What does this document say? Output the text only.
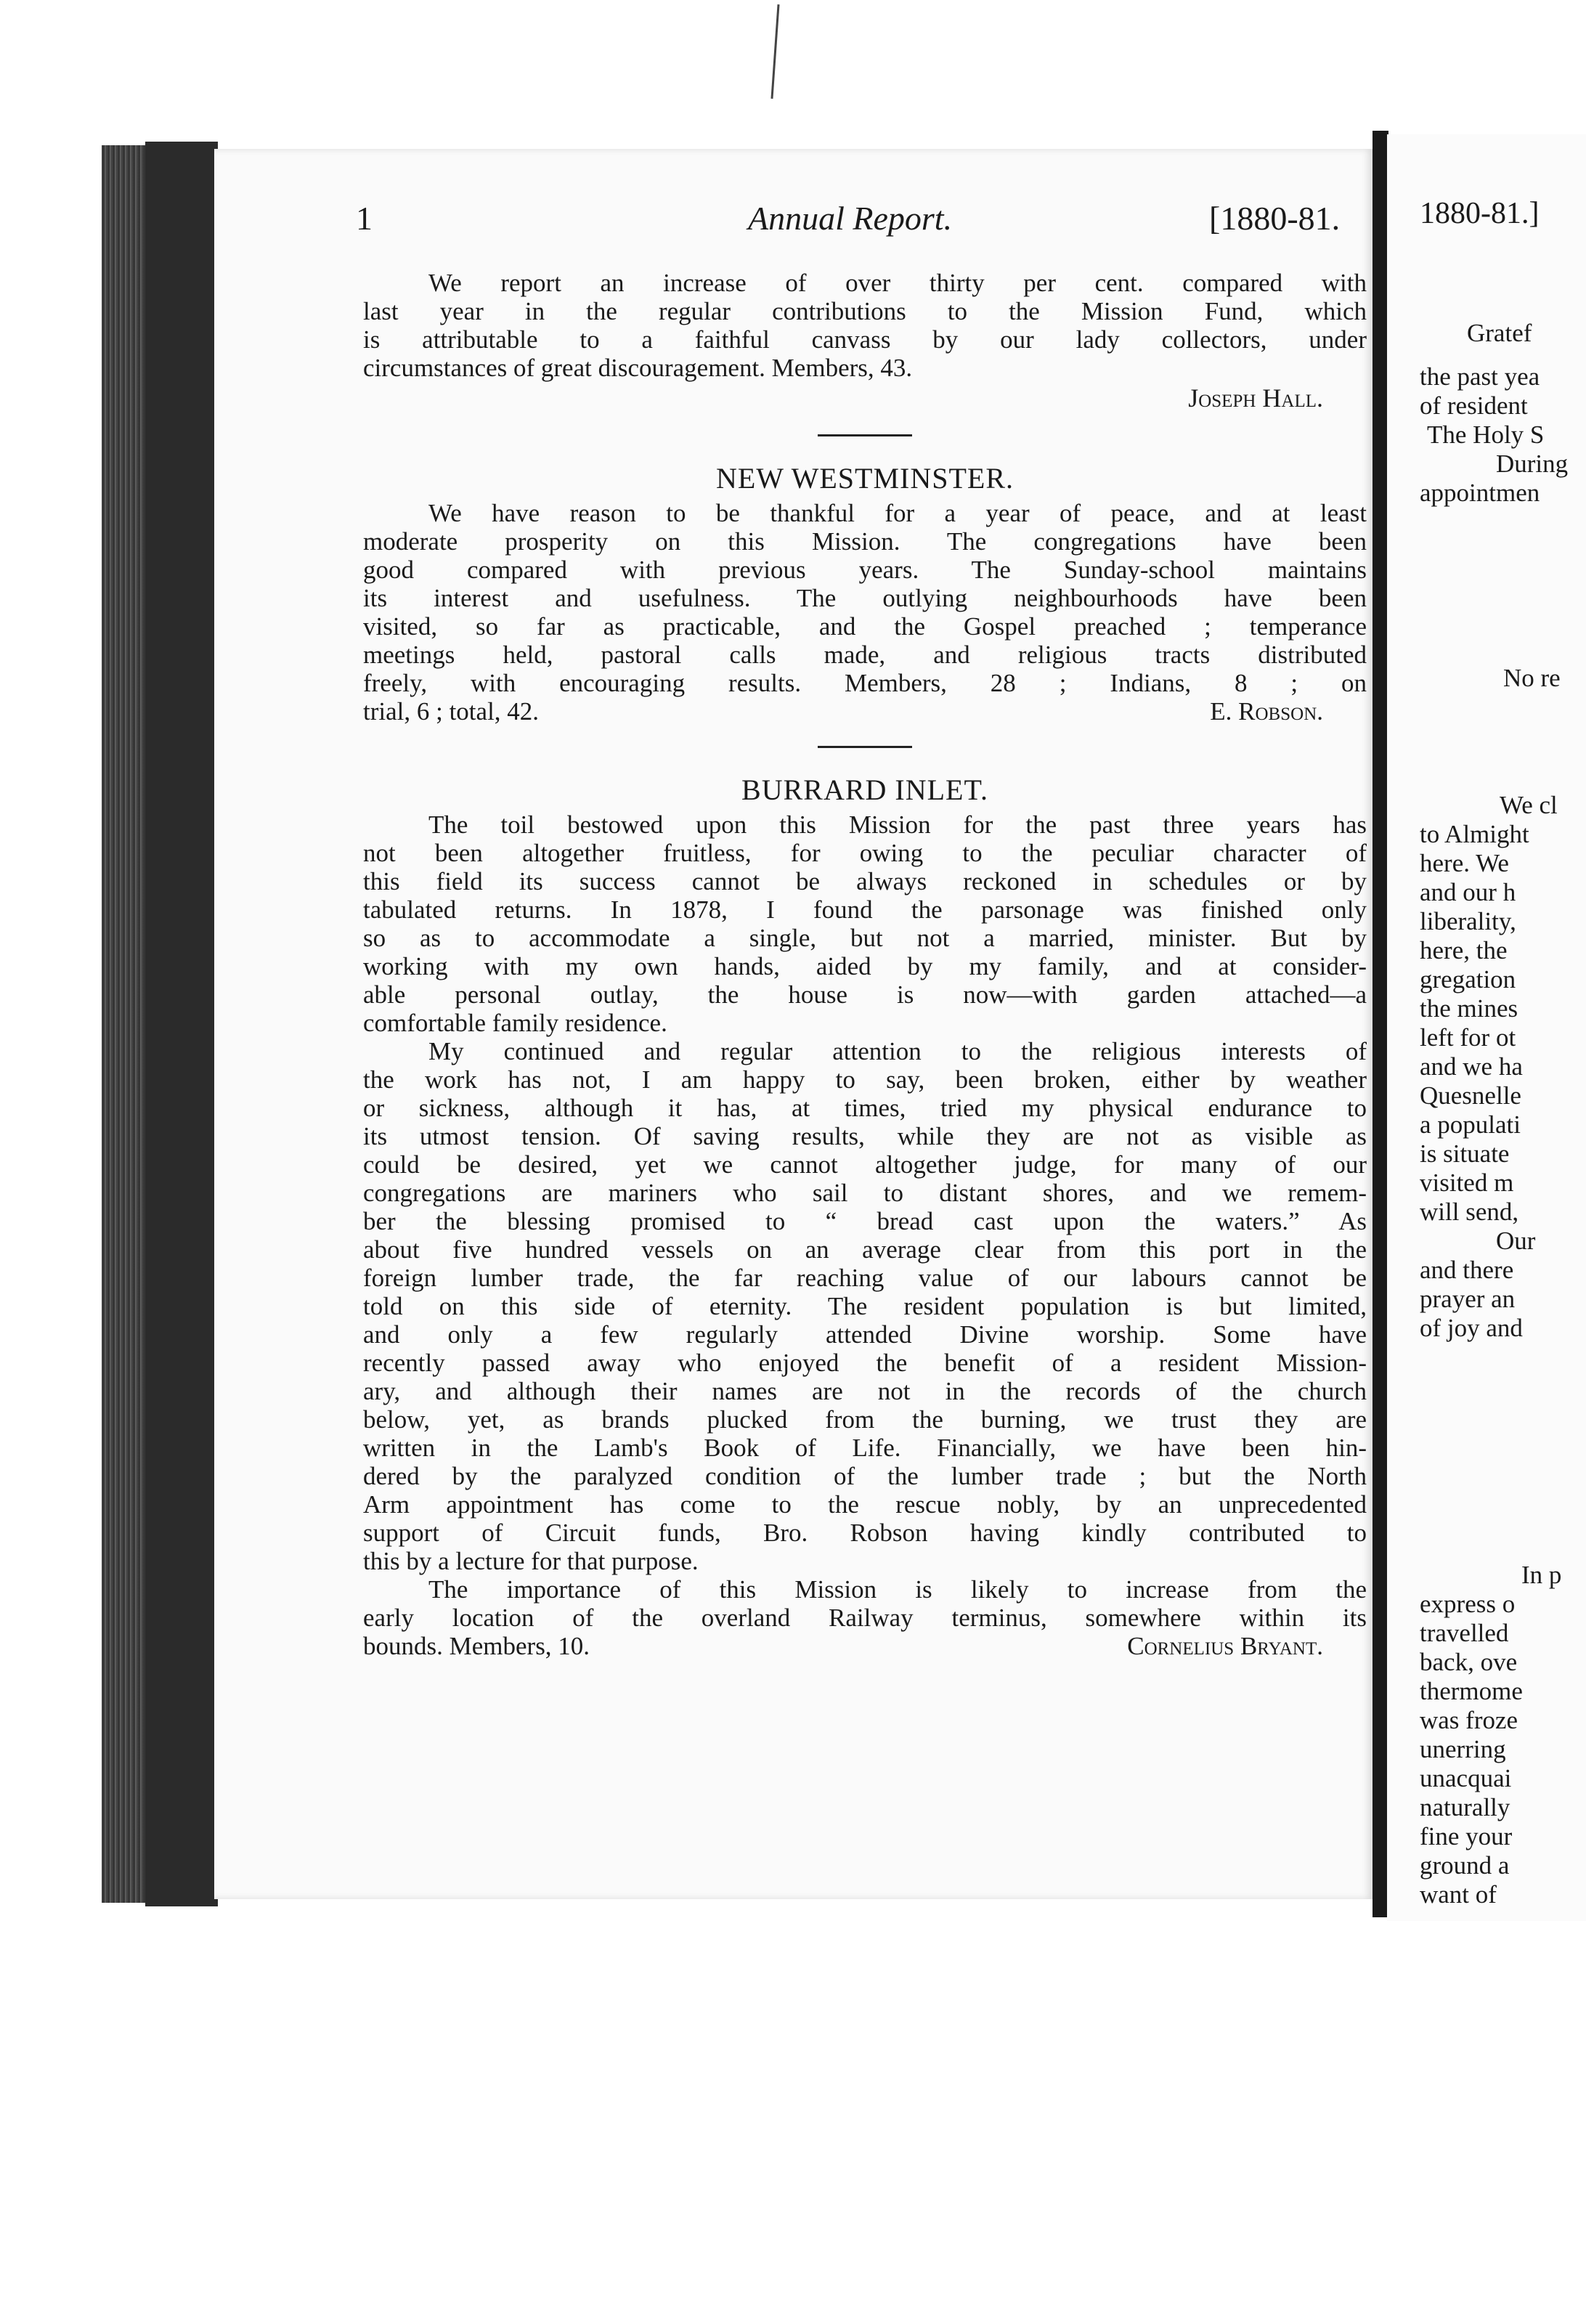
1880-81.]
Gratef
the past yea
of resident
The Holy S
During
appointmen
No re
We cl
to Almight
here. We
and our h
liberality,
here, the
gregation
the mines
left for ot
and we ha
Quesnelle
a populati
is situate
visited m
will send,
Our
and there
prayer an
of joy and
In p
express o
travelled
back, ove
thermome
was froze
unerring
unacquai
naturally
fine your
ground a
want of
1	Annual Report.	[1880-81.
We report an increase of over thirty per cent. compared with
last year in the regular contributions to the Mission Fund, which
is attributable to a faithful canvass by our lady collectors, under
circumstances of great discouragement. Members, 43.
Joseph Hall.
NEW WESTMINSTER.
We have reason to be thankful for a year of peace, and at least
moderate prosperity on this Mission. The congregations have been
good compared with previous years. The Sunday-school maintains
its interest and usefulness. The outlying neighbourhoods have been
visited, so far as practicable, and the Gospel preached ; temperance
meetings held, pastoral calls made, and religious tracts distributed
freely, with encouraging results. Members, 28 ; Indians, 8 ; on
trial, 6 ; total, 42.	E. Robson.
BURRARD INLET.
The toil bestowed upon this Mission for the past three years has
not been altogether fruitless, for owing to the peculiar character of
this field its success cannot be always reckoned in schedules or by
tabulated returns. In 1878, I found the parsonage was finished only
so as to accommodate a single, but not a married, minister. But by
working with my own hands, aided by my family, and at consider-
able personal outlay, the house is now—with garden attached—a
comfortable family residence.
My continued and regular attention to the religious interests of
the work has not, I am happy to say, been broken, either by weather
or sickness, although it has, at times, tried my physical endurance to
its utmost tension. Of saving results, while they are not as visible as
could be desired, yet we cannot altogether judge, for many of our
congregations are mariners who sail to distant shores, and we remem-
ber the blessing promised to “ bread cast upon the waters.” As
about five hundred vessels on an average clear from this port in the
foreign lumber trade, the far reaching value of our labours cannot be
told on this side of eternity. The resident population is but limited,
and only a few regularly attended Divine worship. Some have
recently passed away who enjoyed the benefit of a resident Mission-
ary, and although their names are not in the records of the church
below, yet, as brands plucked from the burning, we trust they are
written in the Lamb's Book of Life. Financially, we have been hin-
dered by the paralyzed condition of the lumber trade ; but the North
Arm appointment has come to the rescue nobly, by an unprecedented
support of Circuit funds, Bro. Robson having kindly contributed to
this by a lecture for that purpose.
The importance of this Mission is likely to increase from the
early location of the overland Railway terminus, somewhere within its
bounds. Members, 10.	Cornelius Bryant.
